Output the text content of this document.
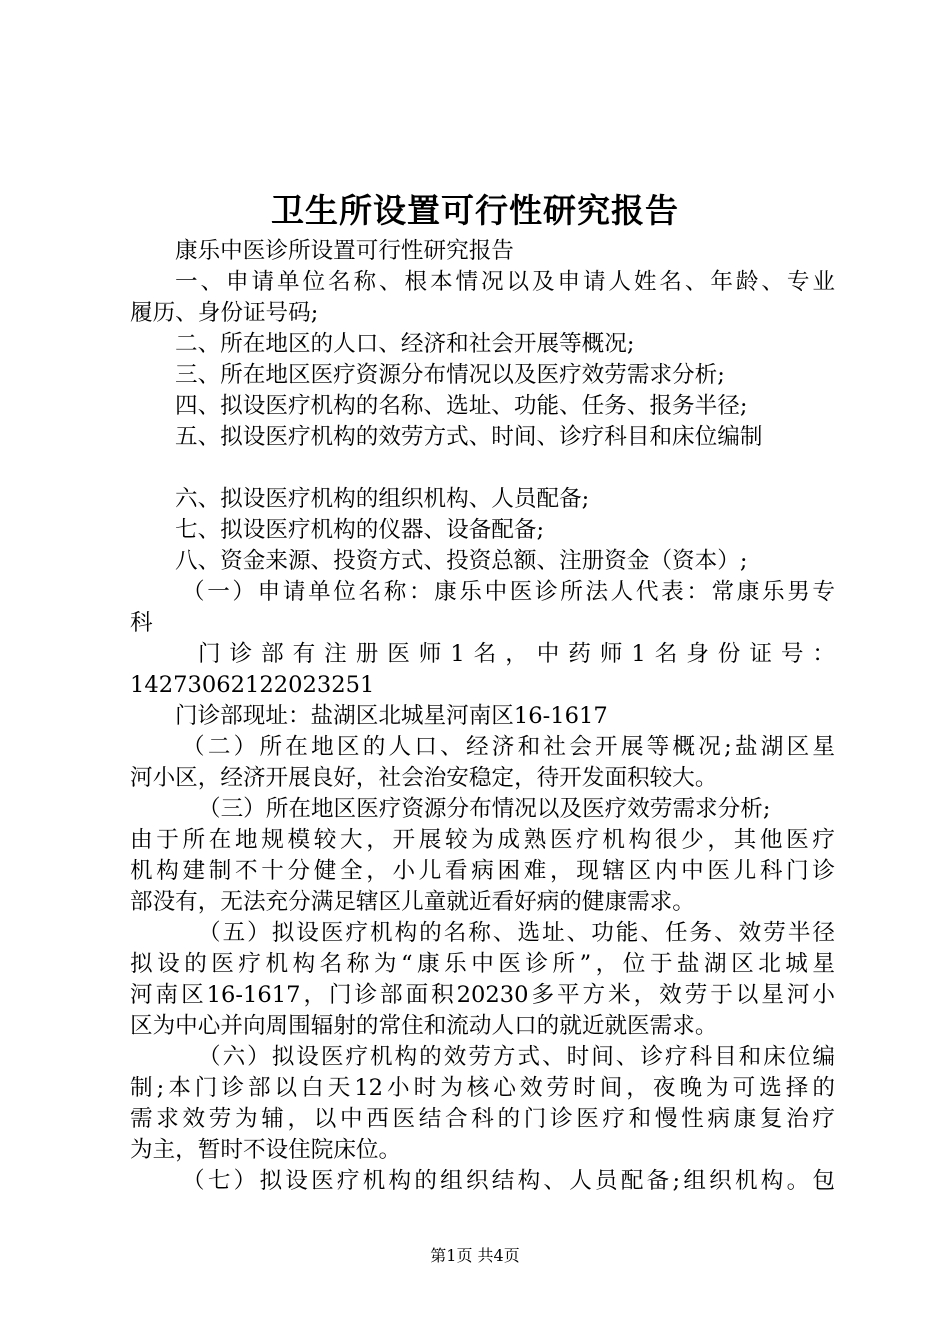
卫生所设置可行性研究报告
康乐中医诊所设置可行性研究报告
一、申请单位名称、根本情况以及申请人姓名、年龄、专业
履历、身份证号码;
二、所在地区的人口、经济和社会开展等概况;
三、所在地区医疗资源分布情况以及医疗效劳需求分析;
四、拟设医疗机构的名称、选址、功能、任务、报务半径;
五、拟设医疗机构的效劳方式、时间、诊疗科目和床位编制
六、拟设医疗机构的组织机构、人员配备;
七、拟设医疗机构的仪器、设备配备;
八、资金来源、投资方式、投资总额、注册资金（资本）;
（一）申请单位名称：康乐中医诊所法人代表：常康乐男专
科
门诊部有注册医师1名，中药师1名身份证号：
14273062122023251
门诊部现址：盐湖区北城星河南区16-1617
（二）所在地区的人口、经济和社会开展等概况;盐湖区星
河小区，经济开展良好，社会治安稳定，待开发面积较大。
（三）所在地区医疗资源分布情况以及医疗效劳需求分析;
由于所在地规模较大，开展较为成熟医疗机构很少，其他医疗
机构建制不十分健全，小儿看病困难，现辖区内中医儿科门诊
部没有，无法充分满足辖区儿童就近看好病的健康需求。
（五）拟设医疗机构的名称、选址、功能、任务、效劳半径
拟设的医疗机构名称为“康乐中医诊所”，位于盐湖区北城星
河南区16-1617，门诊部面积20230多平方米，效劳于以星河小
区为中心并向周围辐射的常住和流动人口的就近就医需求。
（六）拟设医疗机构的效劳方式、时间、诊疗科目和床位编
制;本门诊部以白天12小时为核心效劳时间，夜晚为可选择的
需求效劳为辅，以中西医结合科的门诊医疗和慢性病康复治疗
为主，暂时不设住院床位。
（七）拟设医疗机构的组织结构、人员配备;组织机构。包
第1页 共4页
